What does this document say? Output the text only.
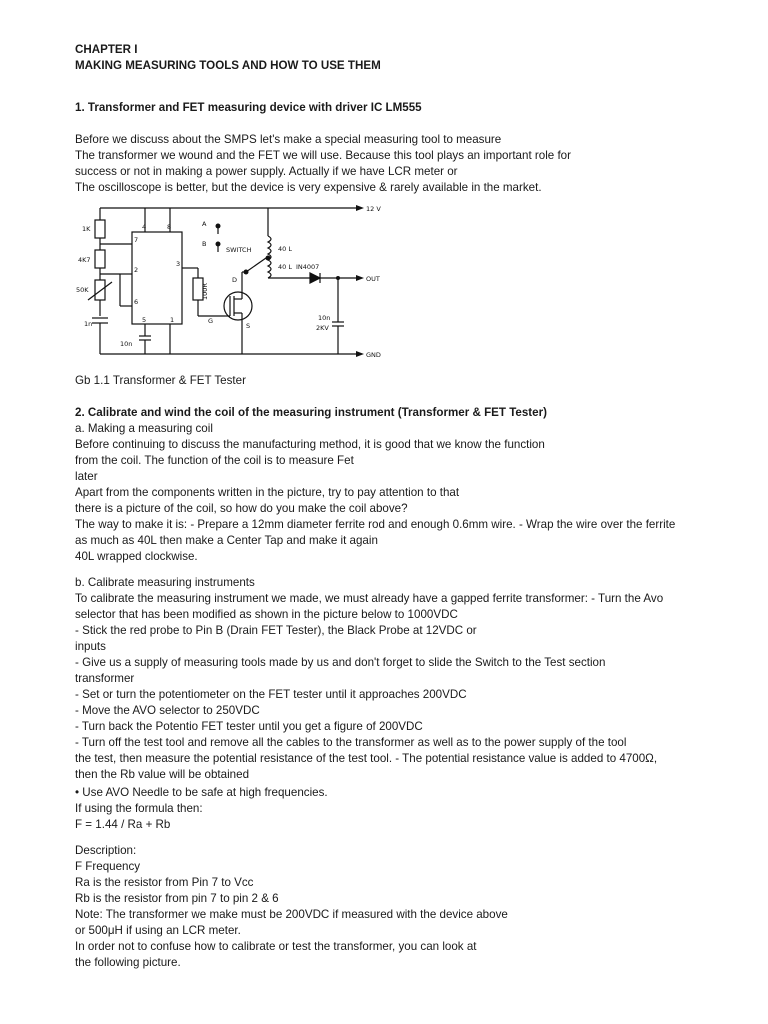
CHAPTER I
MAKING MEASURING TOOLS AND HOW TO USE THEM
1. Transformer and FET measuring device with driver IC LM555
Before we discuss about the SMPS let's make a special measuring tool to measure
The transformer we wound and the FET we will use. Because this tool plays an important role for
success or not in making a power supply. Actually if we have LCR meter or
The oscilloscope is better, but the device is very expensive & rarely available in the market.
1K
4K7
50K
1n
10n
4	8
7
2
6
3
5	1
A
B
SWITCH	40 L
40 L IN4007
100R
D
G
S
10n
2KV
12 V
OUT
GND
Gb 1.1 Transformer & FET Tester
2. Calibrate and wind the coil of the measuring instrument (Transformer & FET Tester)
a. Making a measuring coil
Before continuing to discuss the manufacturing method, it is good that we know the function
from the coil. The function of the coil is to measure Fet
later
Apart from the components written in the picture, try to pay attention to that
there is a picture of the coil, so how do you make the coil above?
The way to make it is: - Prepare a 12mm diameter ferrite rod and enough 0.6mm wire. - Wrap the wire over the ferrite
as much as 40L then make a Center Tap and make it again
40L wrapped clockwise.
b. Calibrate measuring instruments
To calibrate the measuring instrument we made, we must already have a gapped ferrite transformer: - Turn the Avo
selector that has been modified as shown in the picture below to 1000VDC
- Stick the red probe to Pin B (Drain FET Tester), the Black Probe at 12VDC or
inputs
- Give us a supply of measuring tools made by us and don't forget to slide the Switch to the Test section
transformer
- Set or turn the potentiometer on the FET tester until it approaches 200VDC
- Move the AVO selector to 250VDC
- Turn back the Potentio FET tester until you get a figure of 200VDC
- Turn off the test tool and remove all the cables to the transformer as well as to the power supply of the tool
the test, then measure the potential resistance of the test tool. - The potential resistance value is added to 4700Ω,
then the Rb value will be obtained
• Use AVO Needle to be safe at high frequencies.
If using the formula then:
F = 1.44 / Ra + Rb
Description:
F Frequency
Ra is the resistor from Pin 7 to Vcc
Rb is the resistor from pin 7 to pin 2 & 6
Note: The transformer we make must be 200VDC if measured with the device above
or 500μH if using an LCR meter.
In order not to confuse how to calibrate or test the transformer, you can look at
the following picture.
